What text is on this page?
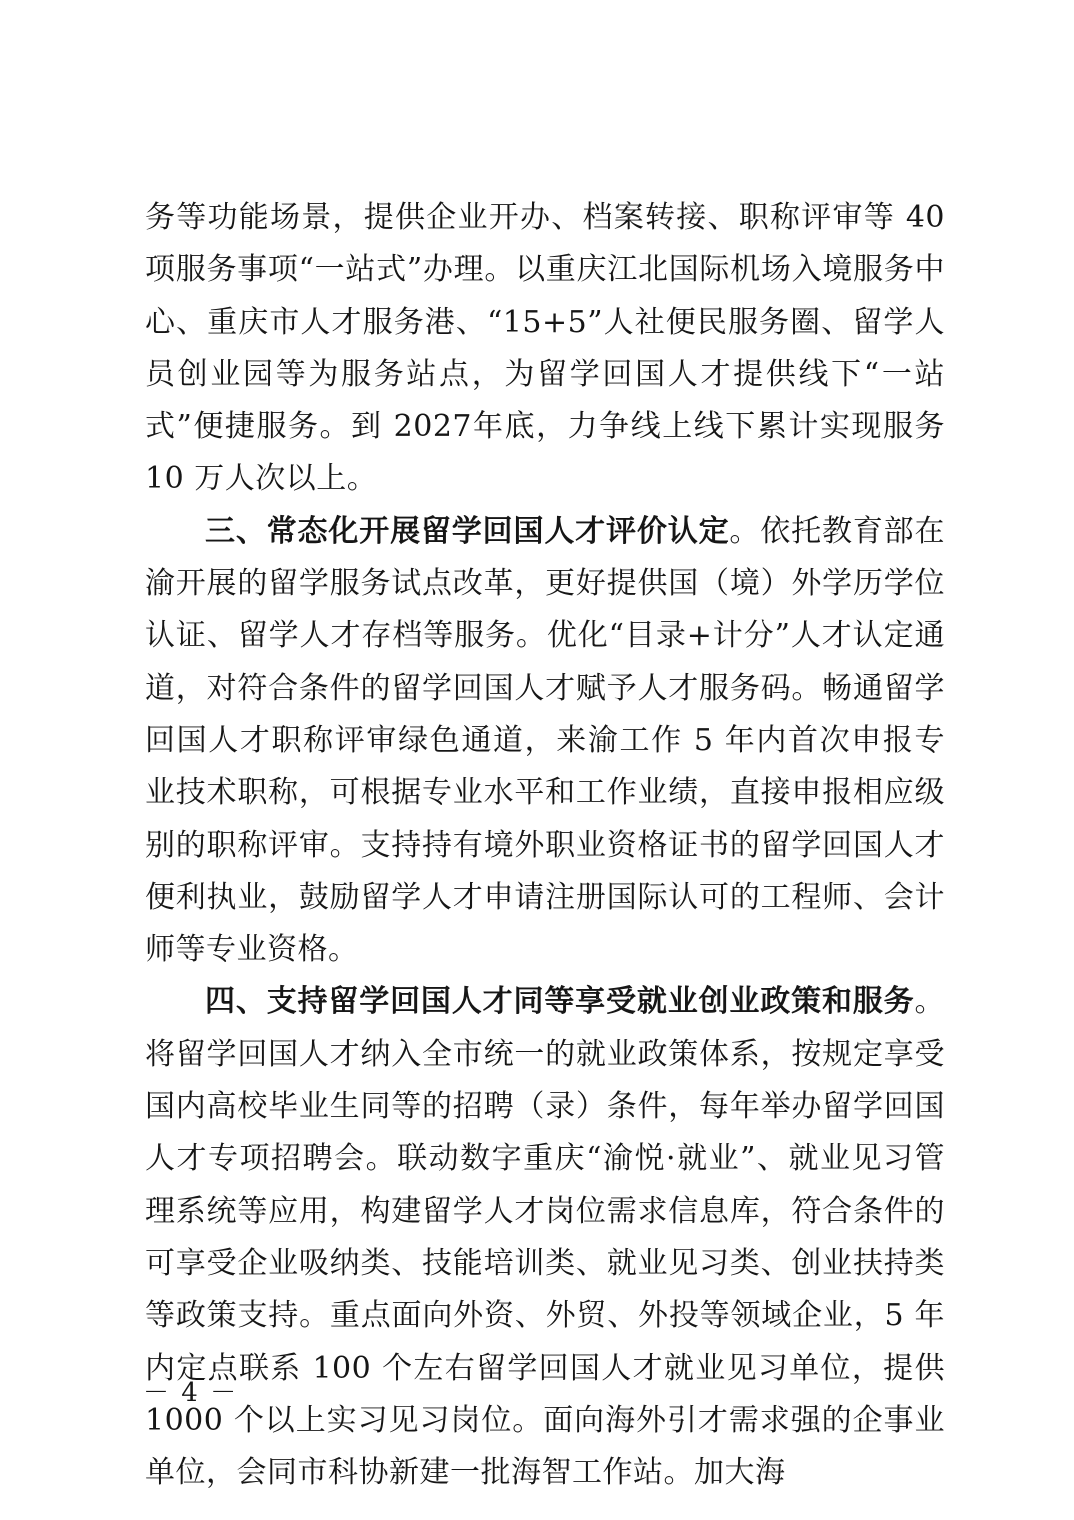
务等功能场景，提供企业开办、档案转接、职称评审等 40 项服务事项“一站式”办理。以重庆江北国际机场入境服务中心、重庆市人才服务港、“15+5”人社便民服务圈、留学人员创业园等为服务站点，为留学回国人才提供线下“一站式”便捷服务。到 2027年底，力争线上线下累计实现服务 10 万人次以上。

三、常态化开展留学回国人才评价认定。依托教育部在渝开展的留学服务试点改革，更好提供国（境）外学历学位认证、留学人才存档等服务。优化“目录+计分”人才认定通道，对符合条件的留学回国人才赋予人才服务码。畅通留学回国人才职称评审绿色通道，来渝工作 5 年内首次申报专业技术职称，可根据专业水平和工作业绩，直接申报相应级别的职称评审。支持持有境外职业资格证书的留学回国人才便利执业，鼓励留学人才申请注册国际认可的工程师、会计师等专业资格。

四、支持留学回国人才同等享受就业创业政策和服务。将留学回国人才纳入全市统一的就业政策体系，按规定享受国内高校毕业生同等的招聘（录）条件，每年举办留学回国人才专项招聘会。联动数字重庆“渝悦·就业”、就业见习管理系统等应用，构建留学人才岗位需求信息库，符合条件的可享受企业吸纳类、技能培训类、就业见习类、创业扶持类等政策支持。重点面向外资、外贸、外投等领域企业，5 年内定点联系 100 个左右留学回国人才就业见习单位，提供 1000 个以上实习见习岗位。面向海外引才需求强的企事业单位，会同市科协新建一批海智工作站。加大海

－ 4 －
